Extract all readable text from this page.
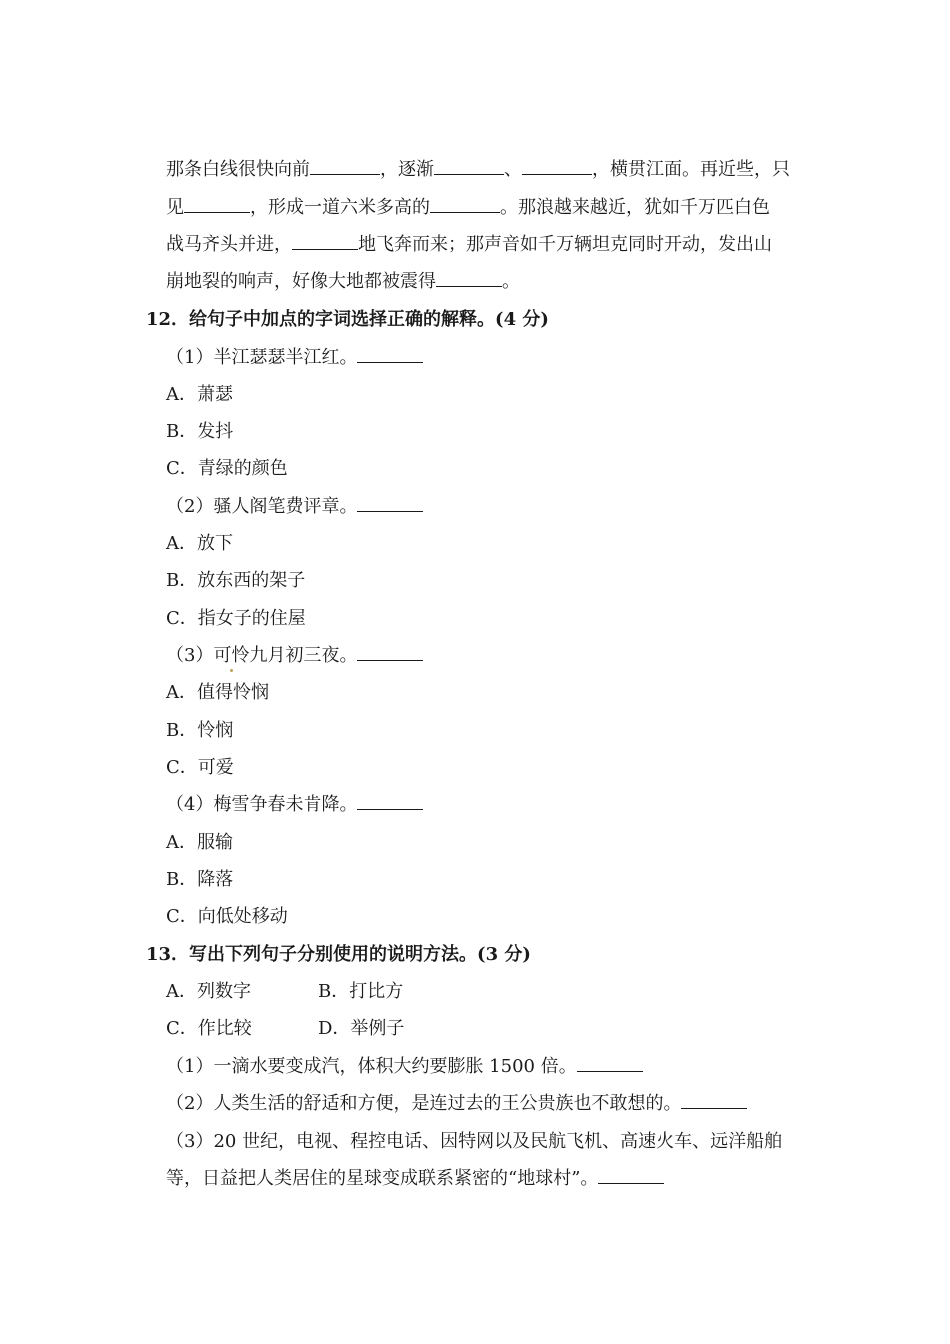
那条白线很快向前	，逐渐	、	，横贯江面。再近些，只
见	，形成一道六米多高的	。那浪越来越近，犹如千万匹白色
战马齐头并进，	地飞奔而来；那声音如千万辆坦克同时开动，发出山
崩地裂的响声，好像大地都被震得	。
12．给句子中加点的字词选择正确的解释。(4 分)
（1）半江瑟瑟半江红。
A．萧瑟
B．发抖
C．青绿的颜色
（2）骚人阁笔费评章。
A．放下
B．放东西的架子
C．指女子的住屋
（3）可怜九月初三夜。
A．值得怜悯
B．怜悯
C．可爱
（4）梅雪争春未肯降。
A．服输
B．降落
C．向低处移动
13．写出下列句子分别使用的说明方法。(3 分)
A．列数字	B．打比方
C．作比较	D．举例子
（1）一滴水要变成汽，体积大约要膨胀 1500 倍。
（2）人类生活的舒适和方便，是连过去的王公贵族也不敢想的。
（3）20 世纪，电视、程控电话、因特网以及民航飞机、高速火车、远洋船舶
等，日益把人类居住的星球变成联系紧密的“地球村”。
